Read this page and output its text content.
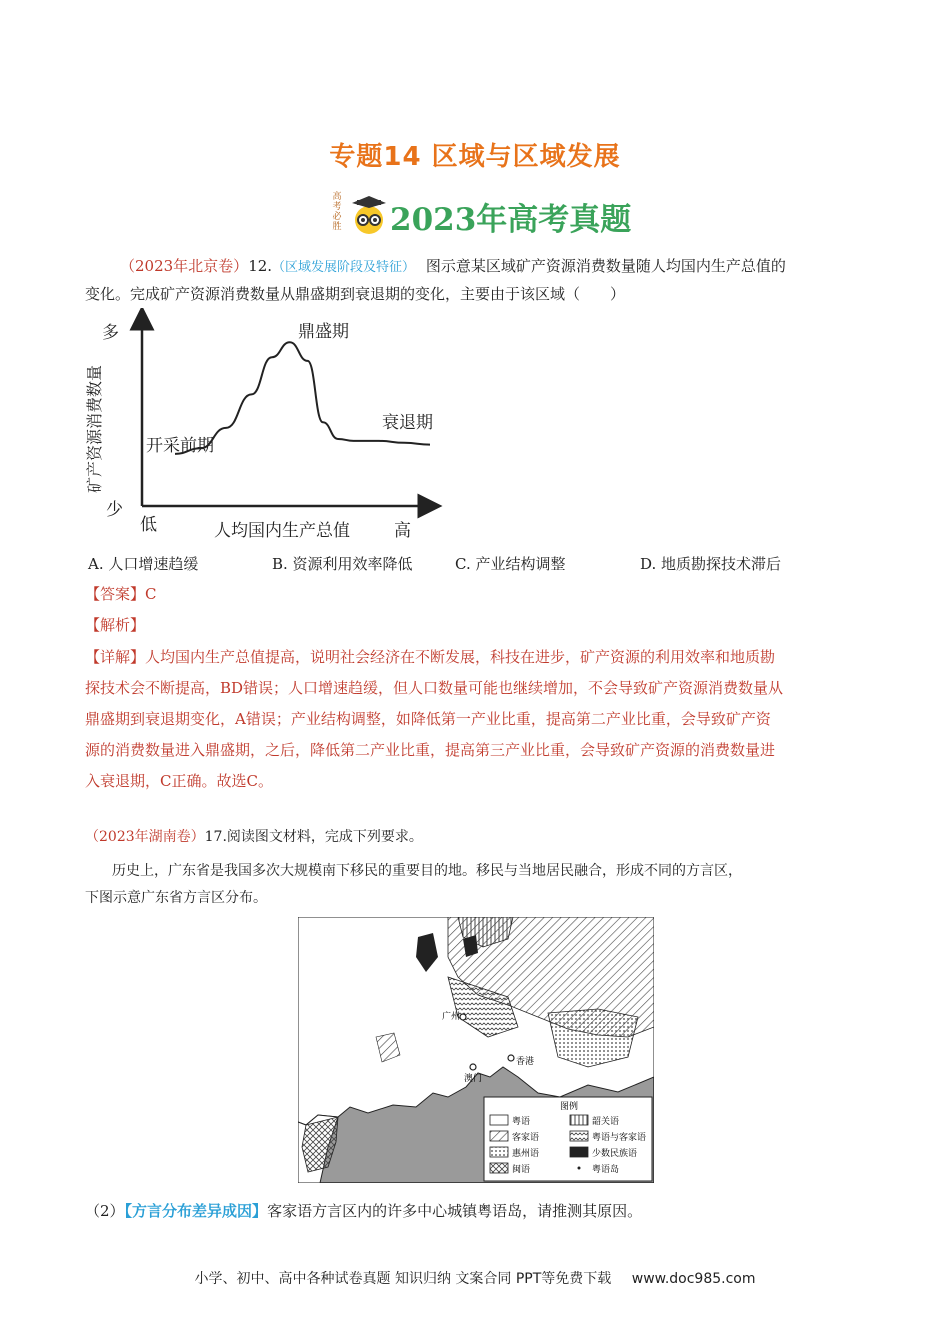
专题14 区域与区域发展
高考必胜 2023年高考真题
（2023年北京卷）12.（区域发展阶段及特征） 图示意某区域矿产资源消费数量随人均国内生产总值的
变化。完成矿产资源消费数量从鼎盛期到衰退期的变化，主要由于该区域（　　）
多
少
低	高
人均国内生产总值
矿产资源消费数量 开采前期
鼎盛期
衰退期
A. 人口增速趋缓	B. 资源利用效率降低	C. 产业结构调整	D. 地质勘探技术滞后
【答案】C
【解析】
【详解】人均国内生产总值提高，说明社会经济在不断发展，科技在进步，矿产资源的利用效率和地质勘
探技术会不断提高，BD错误；人口增速趋缓，但人口数量可能也继续增加，不会导致矿产资源消费数量从
鼎盛期到衰退期变化，A错误；产业结构调整，如降低第一产业比重，提高第二产业比重，会导致矿产资
源的消费数量进入鼎盛期，之后，降低第二产业比重，提高第三产业比重，会导致矿产资源的消费数量进
入衰退期，C正确。故选C。
（2023年湖南卷）17.阅读图文材料，完成下列要求。
历史上，广东省是我国多次大规模南下移民的重要目的地。移民与当地居民融合，形成不同的方言区，
下图示意广东省方言区分布。
广州
澳门
香港
图例
粤语	韶关语
客家语	粤语与客家语
惠州语	少数民族语
闽语	粤语岛
（2）【方言分布差异成因】客家语方言区内的许多中心城镇粤语岛，请推测其原因。
小学、初中、高中各种试卷真题 知识归纳 文案合同 PPT等免费下载 www.doc985.com
